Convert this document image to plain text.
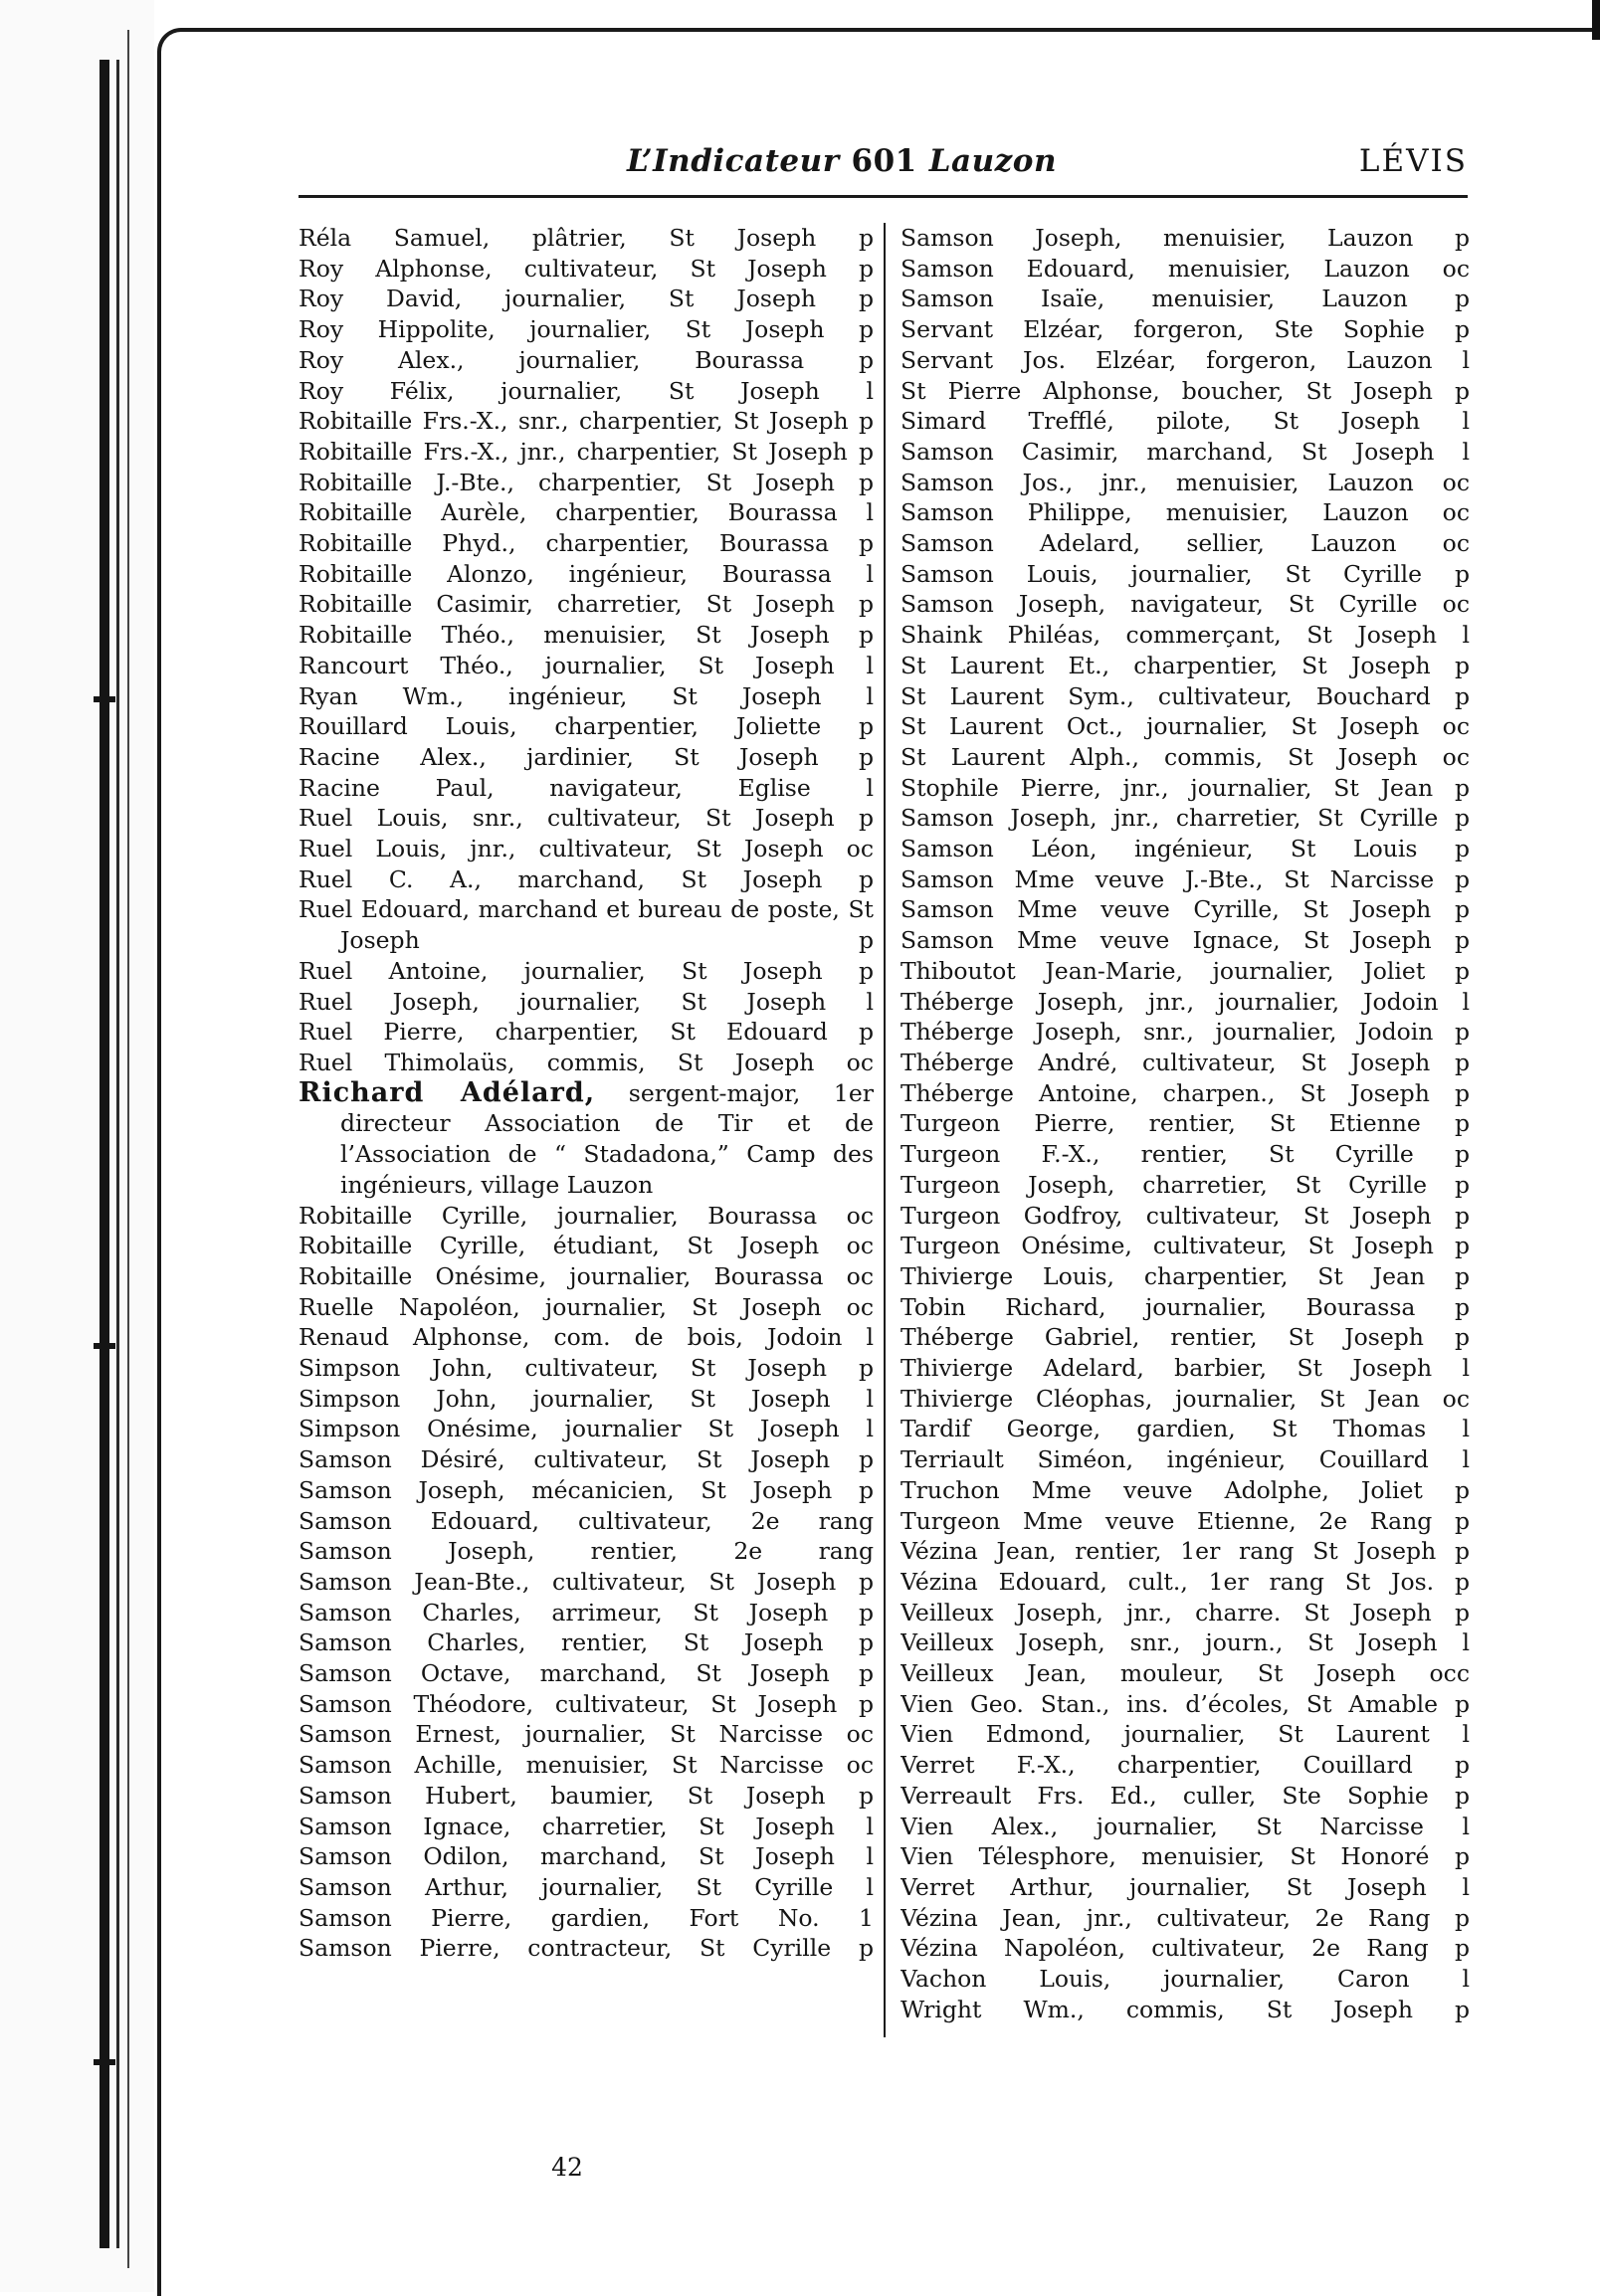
L’Indicateur 601 Lauzon	LÉVIS
Réla Samuel, plâtrier, St Joseph p
Roy Alphonse, cultivateur, St Joseph p
Roy David, journalier, St Joseph p
Roy Hippolite, journalier, St Joseph p
Roy Alex., journalier, Bourassa p
Roy Félix, journalier, St Joseph l
Robitaille Frs.-X., snr., charpentier, St Joseph p
Robitaille Frs.-X., jnr., charpentier, St Joseph p
Robitaille J.-Bte., charpentier, St Joseph p
Robitaille Aurèle, charpentier, Bourassa l
Robitaille Phyd., charpentier, Bourassa p
Robitaille Alonzo, ingénieur, Bourassa l
Robitaille Casimir, charretier, St Joseph p
Robitaille Théo., menuisier, St Joseph p
Rancourt Théo., journalier, St Joseph l
Ryan Wm., ingénieur, St Joseph l
Rouillard Louis, charpentier, Joliette p
Racine Alex., jardinier, St Joseph p
Racine Paul, navigateur, Eglise l
Ruel Louis, snr., cultivateur, St Joseph p
Ruel Louis, jnr., cultivateur, St Joseph oc
Ruel C. A., marchand, St Joseph p
Ruel Edouard, marchand et bureau de poste, St Joseph p
Ruel Antoine, journalier, St Joseph p
Ruel Joseph, journalier, St Joseph l
Ruel Pierre, charpentier, St Edouard p
Ruel Thimolaüs, commis, St Joseph oc
Richard Adélard, sergent-major, 1er directeur Association de Tir et de l’Association de “ Stadadona,” Camp des ingénieurs, village Lauzon
Robitaille Cyrille, journalier, Bourassa oc
Robitaille Cyrille, étudiant, St Joseph oc
Robitaille Onésime, journalier, Bourassa oc
Ruelle Napoléon, journalier, St Joseph oc
Renaud Alphonse, com. de bois, Jodoin l
Simpson John, cultivateur, St Joseph p
Simpson John, journalier, St Joseph l
Simpson Onésime, journalier St Joseph l
Samson Désiré, cultivateur, St Joseph p
Samson Joseph, mécanicien, St Joseph p
Samson Edouard, cultivateur, 2e rang
Samson Joseph, rentier, 2e rang
Samson Jean-Bte., cultivateur, St Joseph p
Samson Charles, arrimeur, St Joseph p
Samson Charles, rentier, St Joseph p
Samson Octave, marchand, St Joseph p
Samson Théodore, cultivateur, St Joseph p
Samson Ernest, journalier, St Narcisse oc
Samson Achille, menuisier, St Narcisse oc
Samson Hubert, baumier, St Joseph p
Samson Ignace, charretier, St Joseph l
Samson Odilon, marchand, St Joseph l
Samson Arthur, journalier, St Cyrille l
Samson Pierre, gardien, Fort No. 1
Samson Pierre, contracteur, St Cyrille p
Samson Joseph, menuisier, Lauzon p
Samson Edouard, menuisier, Lauzon oc
Samson Isaïe, menuisier, Lauzon p
Servant Elzéar, forgeron, Ste Sophie p
Servant Jos. Elzéar, forgeron, Lauzon l
St Pierre Alphonse, boucher, St Joseph p
Simard Trefflé, pilote, St Joseph l
Samson Casimir, marchand, St Joseph l
Samson Jos., jnr., menuisier, Lauzon oc
Samson Philippe, menuisier, Lauzon oc
Samson Adelard, sellier, Lauzon oc
Samson Louis, journalier, St Cyrille p
Samson Joseph, navigateur, St Cyrille oc
Shaink Philéas, commerçant, St Joseph l
St Laurent Et., charpentier, St Joseph p
St Laurent Sym., cultivateur, Bouchard p
St Laurent Oct., journalier, St Joseph oc
St Laurent Alph., commis, St Joseph oc
Stophile Pierre, jnr., journalier, St Jean p
Samson Joseph, jnr., charretier, St Cyrille p
Samson Léon, ingénieur, St Louis p
Samson Mme veuve J.-Bte., St Narcisse p
Samson Mme veuve Cyrille, St Joseph p
Samson Mme veuve Ignace, St Joseph p
Thiboutot Jean-Marie, journalier, Joliet p
Théberge Joseph, jnr., journalier, Jodoin l
Théberge Joseph, snr., journalier, Jodoin p
Théberge André, cultivateur, St Joseph p
Théberge Antoine, charpen., St Joseph p
Turgeon Pierre, rentier, St Etienne p
Turgeon F.-X., rentier, St Cyrille p
Turgeon Joseph, charretier, St Cyrille p
Turgeon Godfroy, cultivateur, St Joseph p
Turgeon Onésime, cultivateur, St Joseph p
Thivierge Louis, charpentier, St Jean p
Tobin Richard, journalier, Bourassa p
Théberge Gabriel, rentier, St Joseph p
Thivierge Adelard, barbier, St Joseph l
Thivierge Cléophas, journalier, St Jean oc
Tardif George, gardien, St Thomas l
Terriault Siméon, ingénieur, Couillard l
Truchon Mme veuve Adolphe, Joliet p
Turgeon Mme veuve Etienne, 2e Rang p
Vézina Jean, rentier, 1er rang St Joseph p
Vézina Edouard, cult., 1er rang St Jos. p
Veilleux Joseph, jnr., charre. St Joseph p
Veilleux Joseph, snr., journ., St Joseph l
Veilleux Jean, mouleur, St Joseph occ
Vien Geo. Stan., ins. d’écoles, St Amable p
Vien Edmond, journalier, St Laurent l
Verret F.-X., charpentier, Couillard p
Verreault Frs. Ed., culler, Ste Sophie p
Vien Alex., journalier, St Narcisse l
Vien Télesphore, menuisier, St Honoré p
Verret Arthur, journalier, St Joseph l
Vézina Jean, jnr., cultivateur, 2e Rang p
Vézina Napoléon, cultivateur, 2e Rang p
Vachon Louis, journalier, Caron l
Wright Wm., commis, St Joseph p
42
